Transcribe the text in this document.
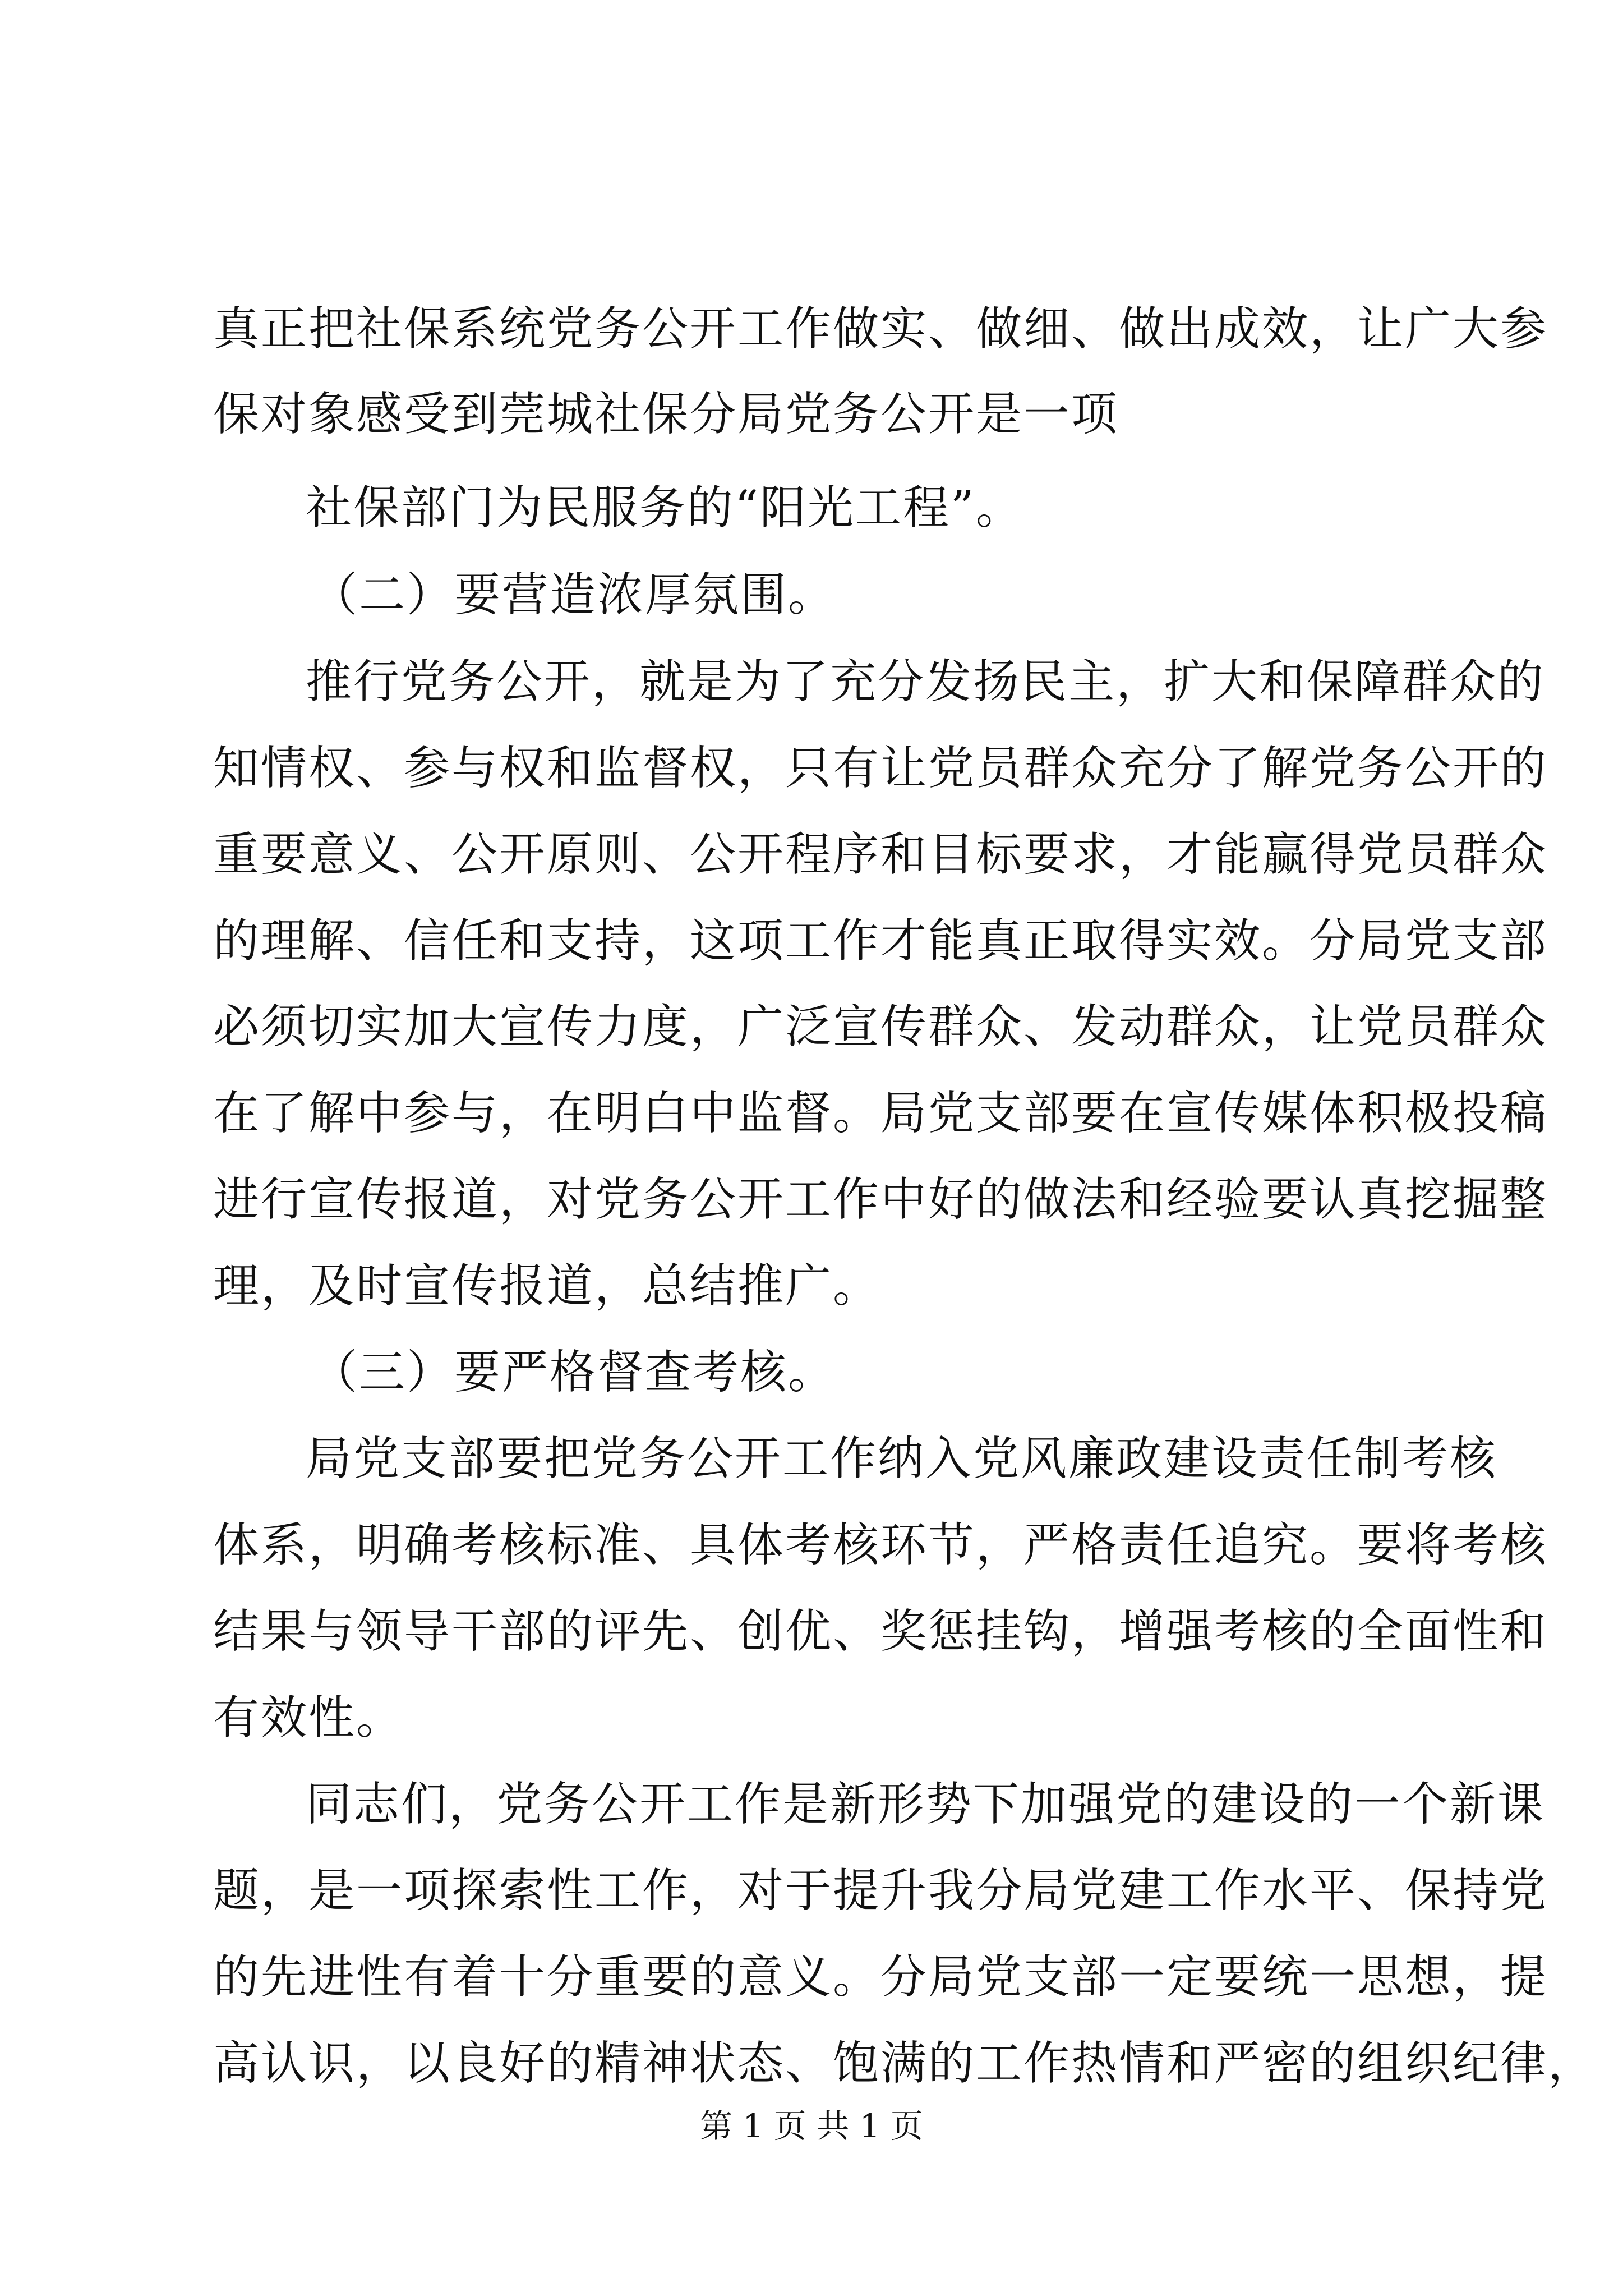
真正把社保系统党务公开工作做实、做细、做出成效，让广大参
保对象感受到莞城社保分局党务公开是一项
社保部门为民服务的“阳光工程”。
（二）要营造浓厚氛围。
推行党务公开，就是为了充分发扬民主，扩大和保障群众的
知情权、参与权和监督权，只有让党员群众充分了解党务公开的
重要意义、公开原则、公开程序和目标要求，才能赢得党员群众
的理解、信任和支持，这项工作才能真正取得实效。分局党支部
必须切实加大宣传力度，广泛宣传群众、发动群众，让党员群众
在了解中参与，在明白中监督。局党支部要在宣传媒体积极投稿
进行宣传报道，对党务公开工作中好的做法和经验要认真挖掘整
理，及时宣传报道，总结推广。
（三）要严格督查考核。
局党支部要把党务公开工作纳入党风廉政建设责任制考核
体系，明确考核标准、具体考核环节，严格责任追究。要将考核
结果与领导干部的评先、创优、奖惩挂钩，增强考核的全面性和
有效性。
同志们，党务公开工作是新形势下加强党的建设的一个新课
题，是一项探索性工作，对于提升我分局党建工作水平、保持党
的先进性有着十分重要的意义。分局党支部一定要统一思想，提
高认识，以良好的精神状态、饱满的工作热情和严密的组织纪律，
第 1 页 共 1 页
